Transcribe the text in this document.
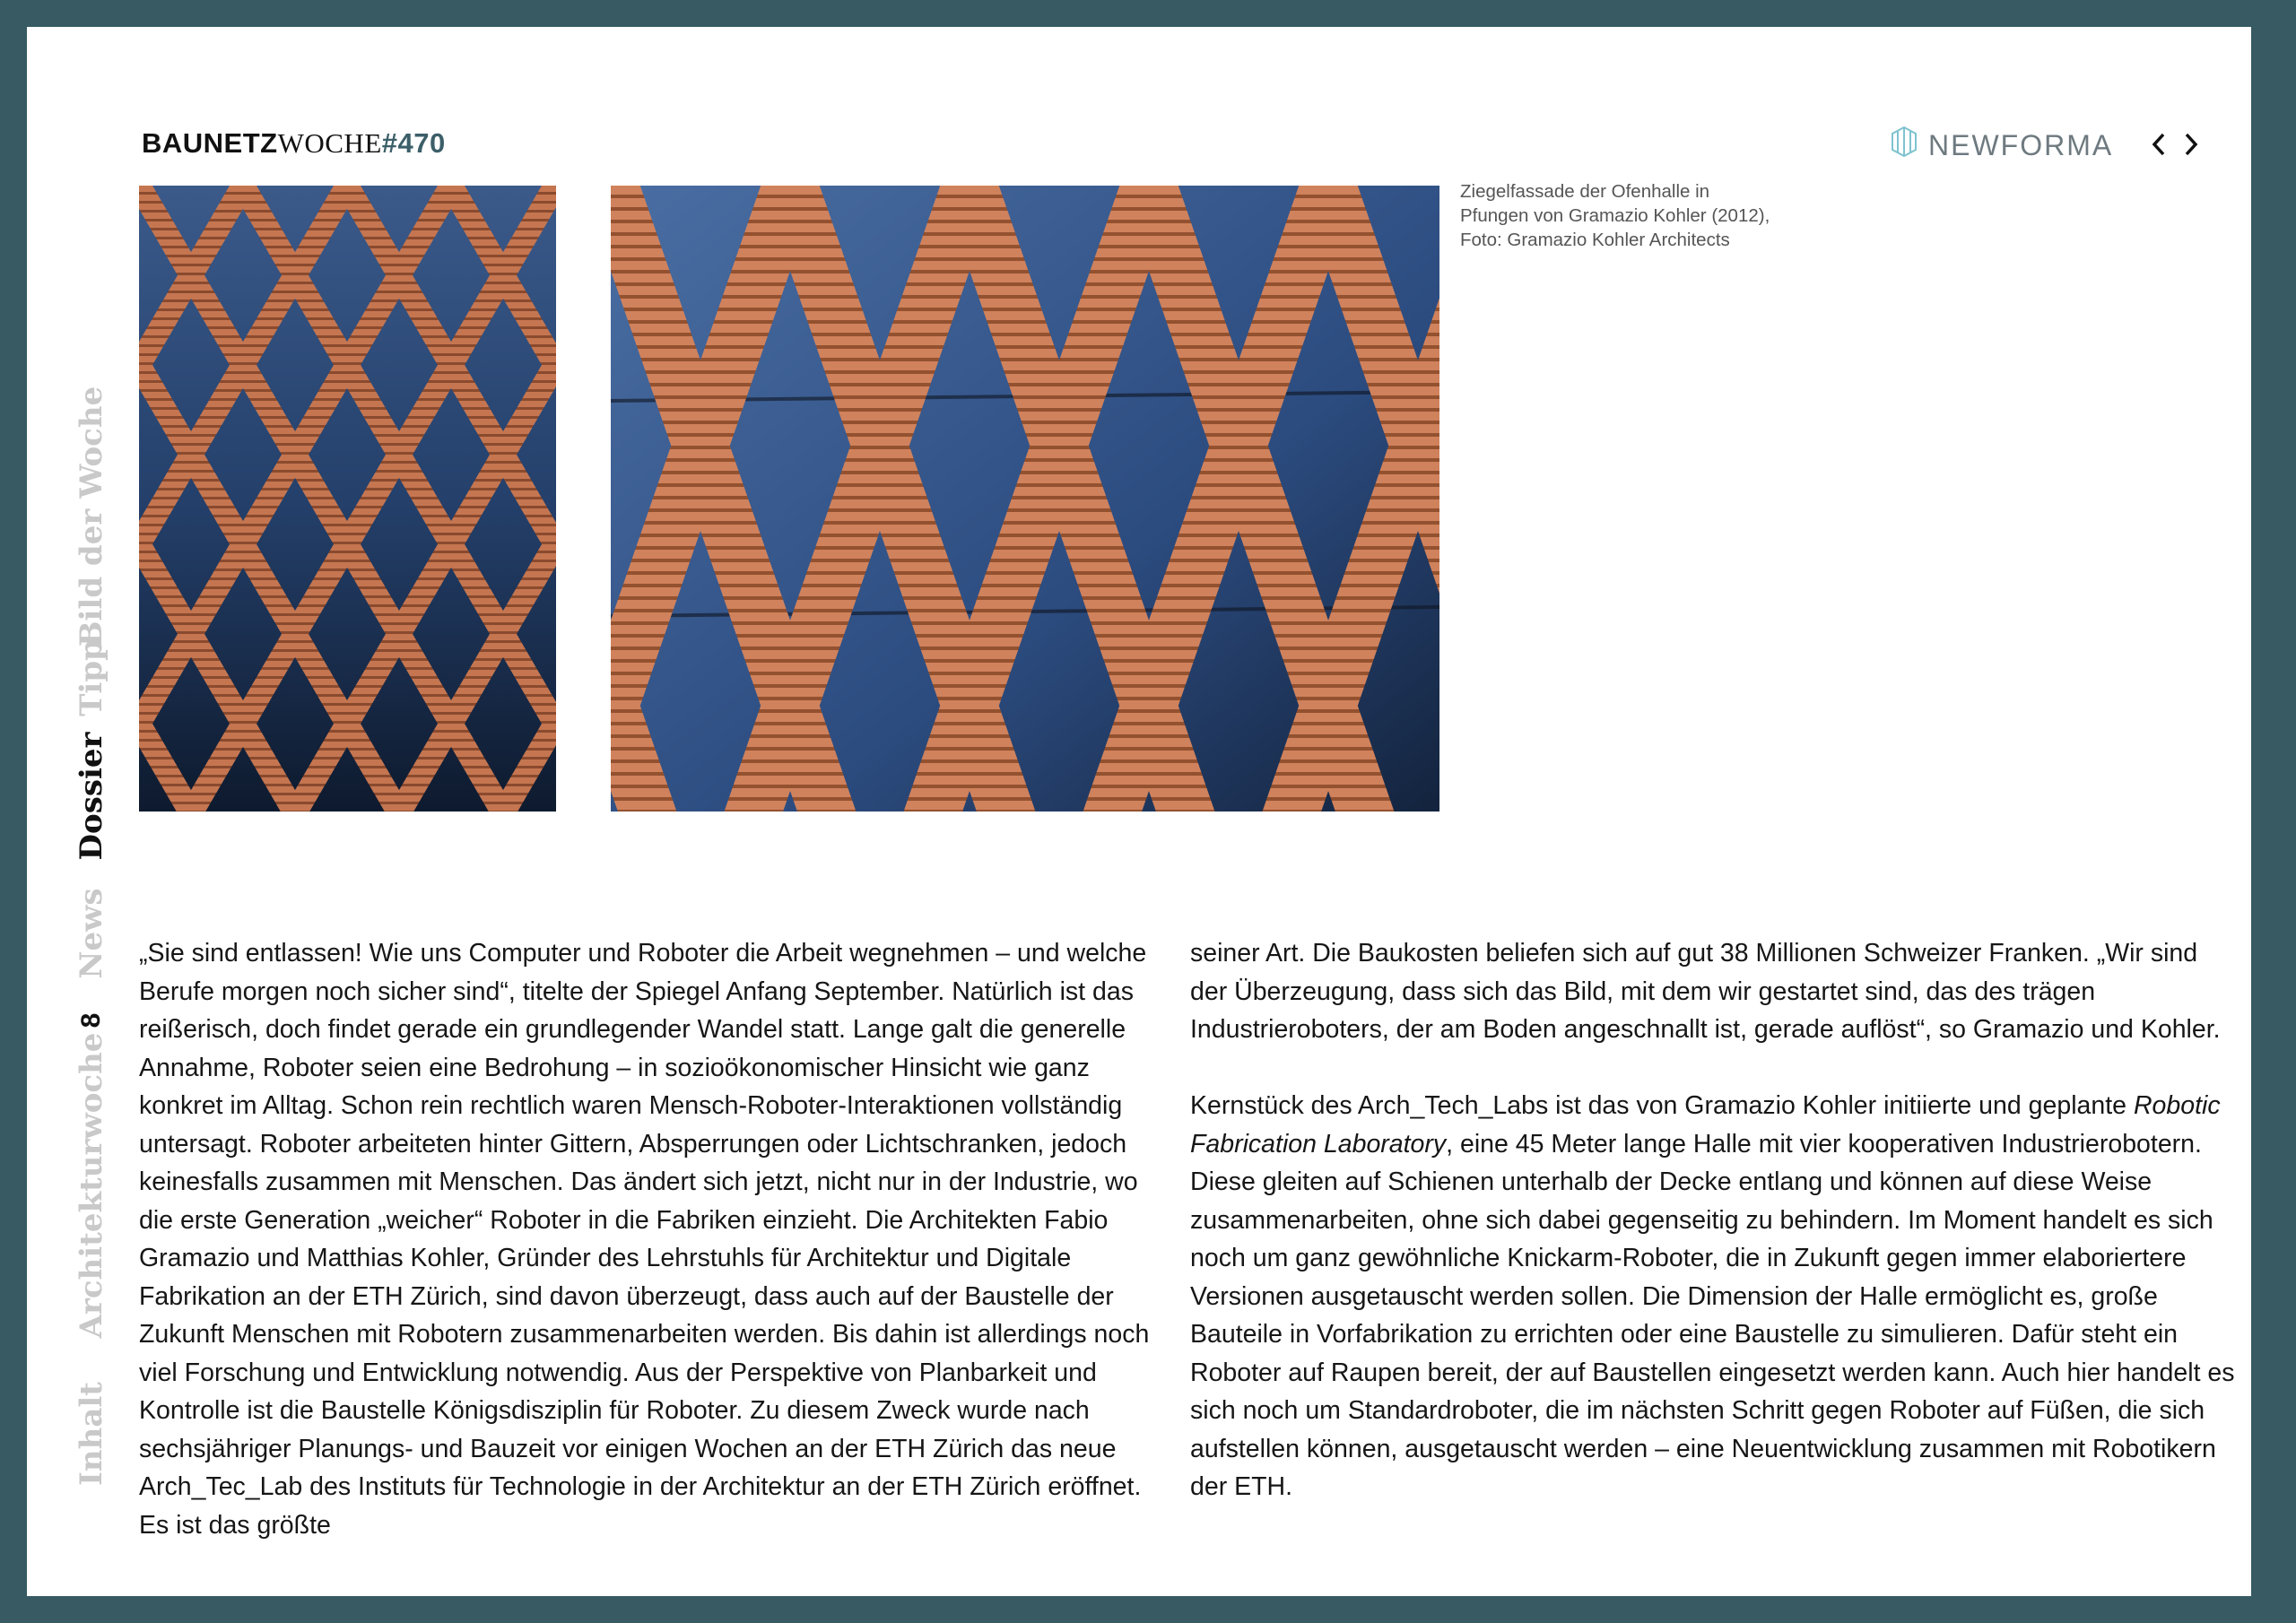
BAUNETZWOCHE#470	NEWFORMA
Ziegelfassade der Ofenhalle in
Pfungen von Gramazio Kohler (2012),
Foto: Gramazio Kohler Architects
Bild der Woche
Tipp
Dossier
News
8
Architekturwoche
Inhalt

„Sie sind entlassen! Wie uns Computer und Roboter die Arbeit wegnehmen – und welche Berufe morgen noch sicher sind“, titelte der Spiegel Anfang September. Natürlich ist das reißerisch, doch findet gerade ein grundlegender Wandel statt. Lange galt die generelle Annahme, Roboter seien eine Bedrohung – in sozioökonomischer Hinsicht wie ganz konkret im Alltag. Schon rein rechtlich waren Mensch-Roboter-Interaktionen vollständig untersagt. Roboter arbeiteten hinter Gittern, Absperrungen oder Lichtschranken, jedoch keinesfalls zusammen mit Menschen. Das ändert sich jetzt, nicht nur in der Industrie, wo die erste Generation „weicher“ Roboter in die Fabriken einzieht. Die Architekten Fabio Gramazio und Matthias Kohler, Gründer des Lehrstuhls für Architektur und Digitale Fabrikation an der ETH Zürich, sind davon überzeugt, dass auch auf der Baustelle der Zukunft Menschen mit Robotern zusammenarbeiten werden. Bis dahin ist allerdings noch viel Forschung und Entwicklung notwendig. Aus der Perspektive von Planbarkeit und Kontrolle ist die Baustelle Königsdisziplin für Roboter. Zu diesem Zweck wurde nach sechsjähriger Planungs- und Bauzeit vor einigen Wochen an der ETH Zürich das neue Arch_Tec_Lab des Instituts für Technologie in der Architektur an der ETH Zürich eröffnet. Es ist das größte

seiner Art. Die Baukosten beliefen sich auf gut 38 Millionen Schweizer Franken. „Wir sind der Überzeugung, dass sich das Bild, mit dem wir gestartet sind, das des trägen Industrieroboters, der am Boden angeschnallt ist, gerade auflöst“, so Gramazio und Kohler.

Kernstück des Arch_Tech_Labs ist das von Gramazio Kohler initiierte und geplante Robotic Fabrication Laboratory, eine 45 Meter lange Halle mit vier kooperativen Industrierobotern. Diese gleiten auf Schienen unterhalb der Decke entlang und können auf diese Weise zusammenarbeiten, ohne sich dabei gegenseitig zu behindern. Im Moment handelt es sich noch um ganz gewöhnliche Knickarm-Roboter, die in Zukunft gegen immer elaboriertere Versionen ausgetauscht werden sollen. Die Dimension der Halle ermöglicht es, große Bauteile in Vorfabrikation zu errichten oder eine Baustelle zu simulieren. Dafür steht ein Roboter auf Raupen bereit, der auf Baustellen eingesetzt werden kann. Auch hier handelt es sich noch um Standardroboter, die im nächsten Schritt gegen Roboter auf Füßen, die sich aufstellen können, ausgetauscht werden – eine Neuentwicklung zusammen mit Robotikern der ETH.
